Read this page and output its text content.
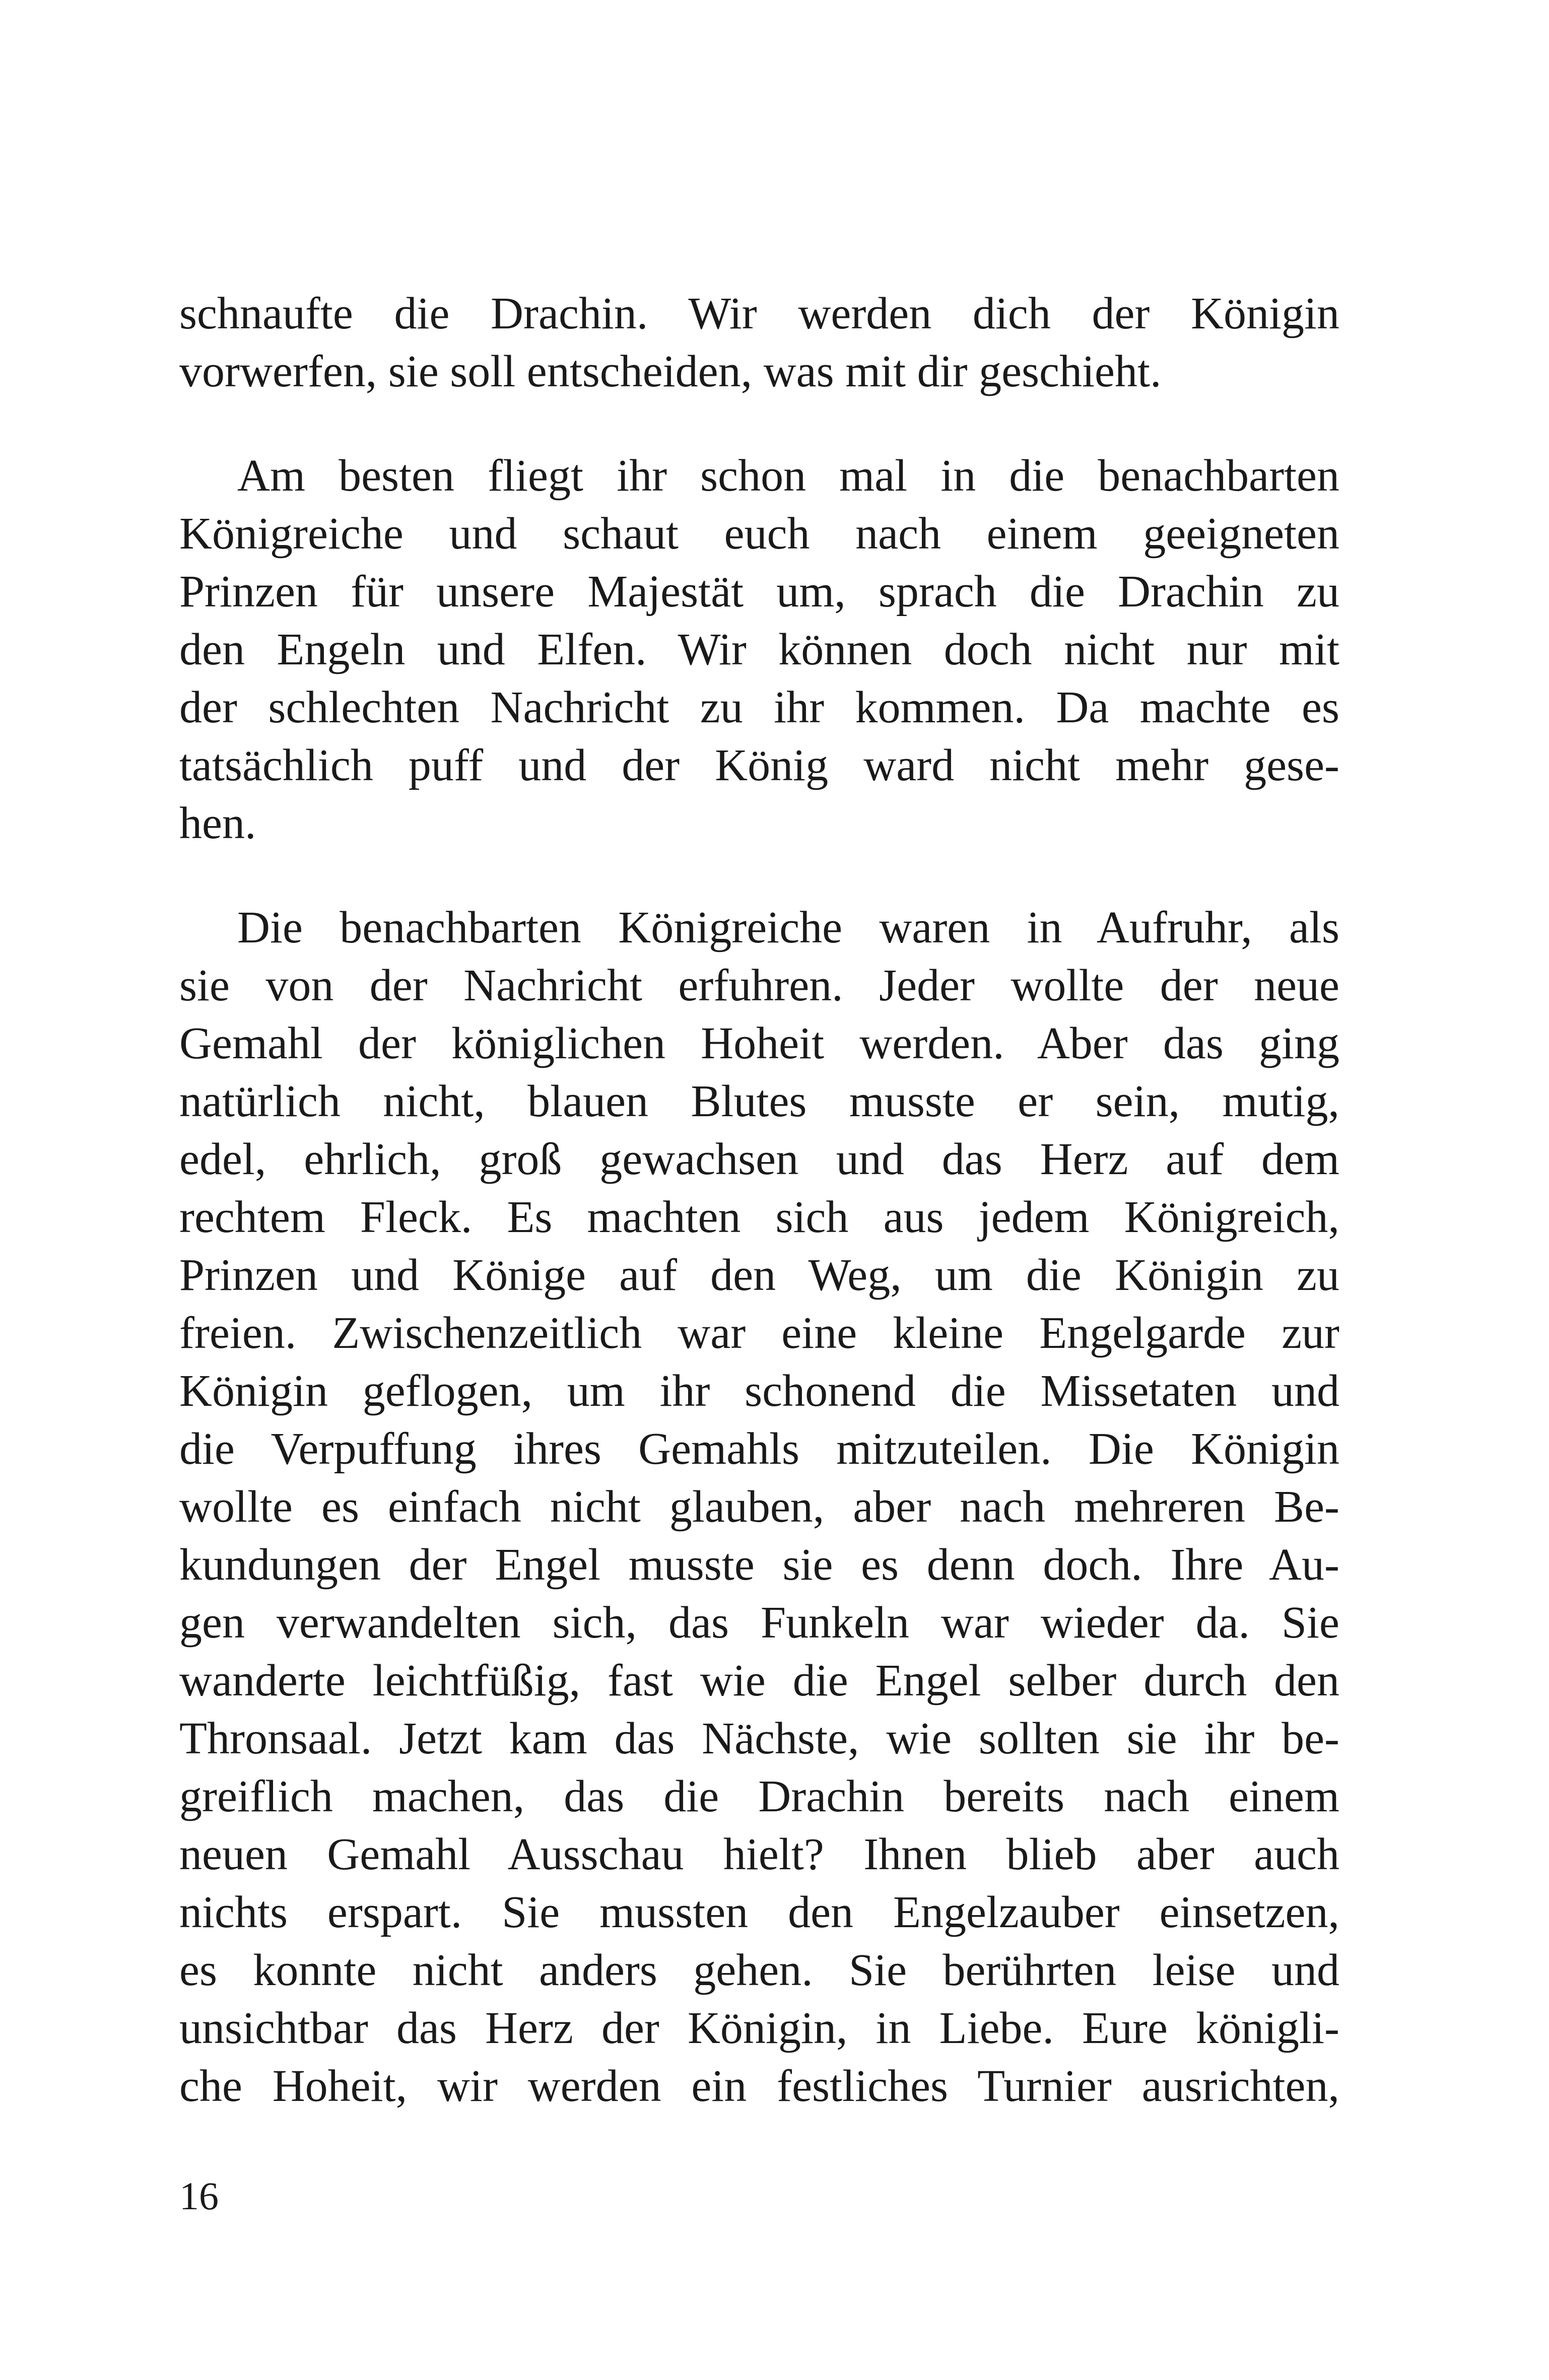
schnaufte die Drachin. Wir werden dich der Königin
vorwerfen, sie soll entscheiden, was mit dir geschieht.
Am besten fliegt ihr schon mal in die benachbarten
Königreiche und schaut euch nach einem geeigneten
Prinzen für unsere Majestät um, sprach die Drachin zu
den Engeln und Elfen. Wir können doch nicht nur mit
der schlechten Nachricht zu ihr kommen. Da machte es
tatsächlich puff und der König ward nicht mehr gese-
hen.
Die benachbarten Königreiche waren in Aufruhr, als
sie von der Nachricht erfuhren. Jeder wollte der neue
Gemahl der königlichen Hoheit werden. Aber das ging
natürlich nicht, blauen Blutes musste er sein, mutig,
edel, ehrlich, groß gewachsen und das Herz auf dem
rechtem Fleck. Es machten sich aus jedem Königreich,
Prinzen und Könige auf den Weg, um die Königin zu
freien. Zwischenzeitlich war eine kleine Engelgarde zur
Königin geflogen, um ihr schonend die Missetaten und
die Verpuffung ihres Gemahls mitzuteilen. Die Königin
wollte es einfach nicht glauben, aber nach mehreren Be-
kundungen der Engel musste sie es denn doch. Ihre Au-
gen verwandelten sich, das Funkeln war wieder da. Sie
wanderte leichtfüßig, fast wie die Engel selber durch den
Thronsaal. Jetzt kam das Nächste, wie sollten sie ihr be-
greiflich machen, das die Drachin bereits nach einem
neuen Gemahl Ausschau hielt? Ihnen blieb aber auch
nichts erspart. Sie mussten den Engelzauber einsetzen,
es konnte nicht anders gehen. Sie berührten leise und
unsichtbar das Herz der Königin, in Liebe. Eure königli-
che Hoheit, wir werden ein festliches Turnier ausrichten,
16
